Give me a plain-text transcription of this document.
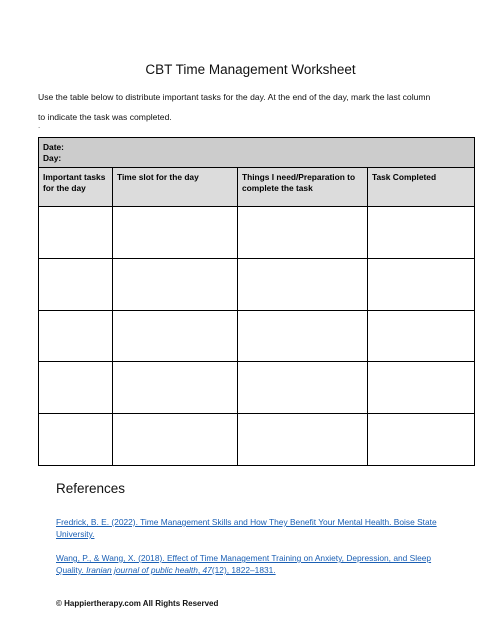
CBT Time Management Worksheet
Use the table below to distribute important tasks for the day. At the end of the day, mark the last column
to indicate the task was completed.
.
Date:
Day:			

Important tasks for the day	Time slot for the day	Things I need/Preparation to complete the task	Task Completed

References
Fredrick, B. E. (2022). Time Management Skills and How They Benefit Your Mental Health. Boise State University.
Wang, P., & Wang, X. (2018). Effect of Time Management Training on Anxiety, Depression, and Sleep Quality. Iranian journal of public health, 47(12), 1822–1831.
© Happiertherapy.com All Rights Reserved
